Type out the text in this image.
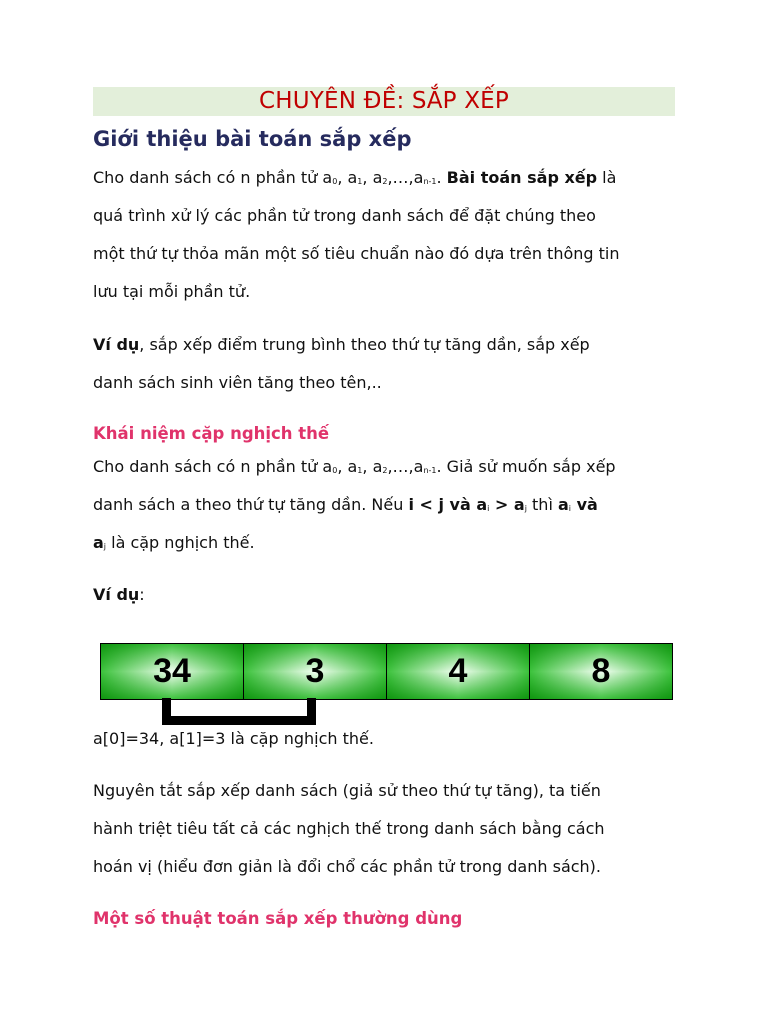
CHUYÊN ĐỀ: SẮP XẾP
Giới thiệu bài toán sắp xếp
Cho danh sách có n phần tử $a_0$, $a_1$, $a_2,\dots,a_{n-1}$. Bài toán sắp xếp là
quá trình xử lý các phần tử trong danh sách để đặt chúng theo
một thứ tự thỏa mãn một số tiêu chuẩn nào đó dựa trên thông tin
lưu tại mỗi phần tử.
Ví dụ, sắp xếp điểm trung bình theo thứ tự tăng dần, sắp xếp
danh sách sinh viên tăng theo tên,..
Khái niệm cặp nghịch thế
Cho danh sách có n phần tử $a_0$, $a_1$, $a_2,\dots,a_{n-1}$. Giả sử muốn sắp xếp
danh sách a theo thứ tự tăng dần. Nếu i < j và $a_i > a_j$ thì $a_i$ và
$a_j$ là cặp nghịch thế.
Ví dụ:
34	3	4	8
a[0]=34, a[1]=3 là cặp nghịch thế.
Nguyên tắt sắp xếp danh sách (giả sử theo thứ tự tăng), ta tiến
hành triệt tiêu tất cả các nghịch thế trong danh sách bằng cách
hoán vị (hiểu đơn giản là đổi chổ các phần tử trong danh sách).
Một số thuật toán sắp xếp thường dùng
